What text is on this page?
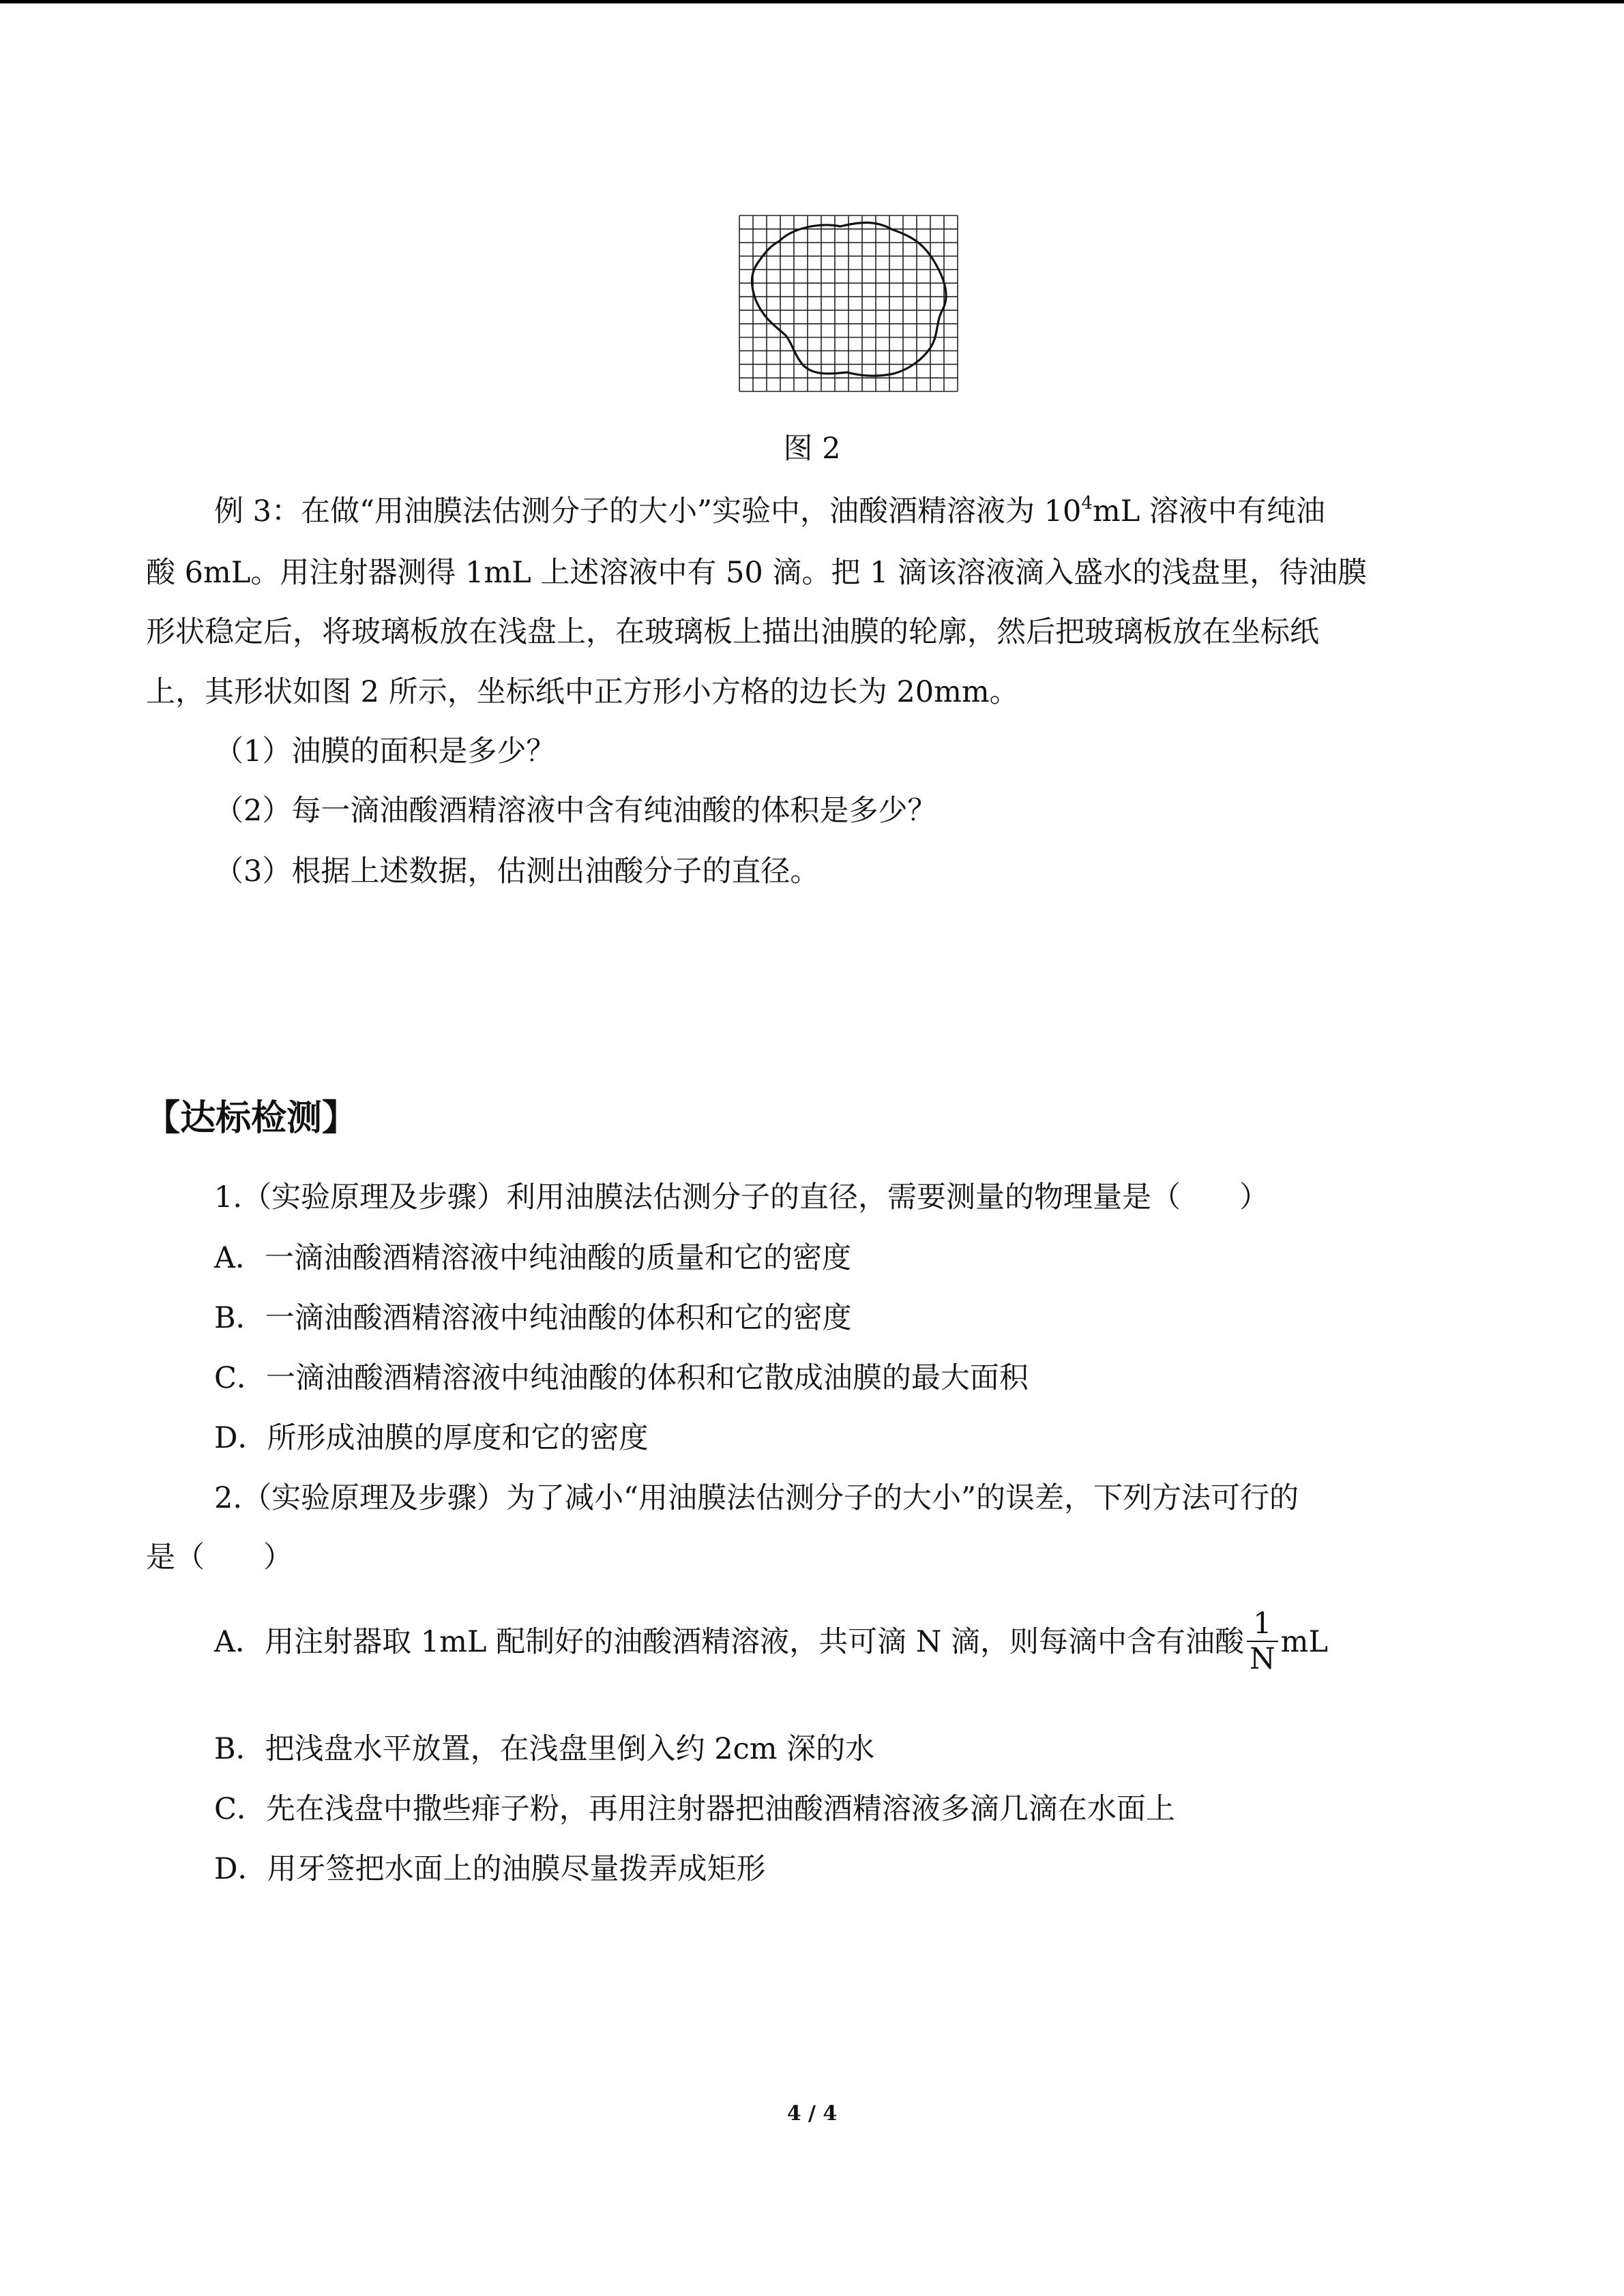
图 2
例 3：在做“用油膜法估测分子的大小”实验中，油酸酒精溶液为 $10^4mL$ 溶液中有纯油
酸 6mL。用注射器测得 1mL 上述溶液中有 50 滴。把 1 滴该溶液滴入盛水的浅盘里，待油膜
形状稳定后，将玻璃板放在浅盘上，在玻璃板上描出油膜的轮廓，然后把玻璃板放在坐标纸
上，其形状如图 2 所示，坐标纸中正方形小方格的边长为 20mm。
（1）油膜的面积是多少？
（2）每一滴油酸酒精溶液中含有纯油酸的体积是多少？
（3）根据上述数据，估测出油酸分子的直径。
【达标检测】
1.（实验原理及步骤）利用油膜法估测分子的直径，需要测量的物理量是（　　）
A．一滴油酸酒精溶液中纯油酸的质量和它的密度
B．一滴油酸酒精溶液中纯油酸的体积和它的密度
C．一滴油酸酒精溶液中纯油酸的体积和它散成油膜的最大面积
D．所形成油膜的厚度和它的密度
2.（实验原理及步骤）为了减小“用油膜法估测分子的大小”的误差，下列方法可行的
是（　　）
A．用注射器取 1mL 配制好的油酸酒精溶液，共可滴 N 滴，则每滴中含有油酸 $\frac{1}{N}$ mL
B．把浅盘水平放置，在浅盘里倒入约 2cm 深的水
C．先在浅盘中撒些痱子粉，再用注射器把油酸酒精溶液多滴几滴在水面上
D．用牙签把水面上的油膜尽量拨弄成矩形
4 / 4
